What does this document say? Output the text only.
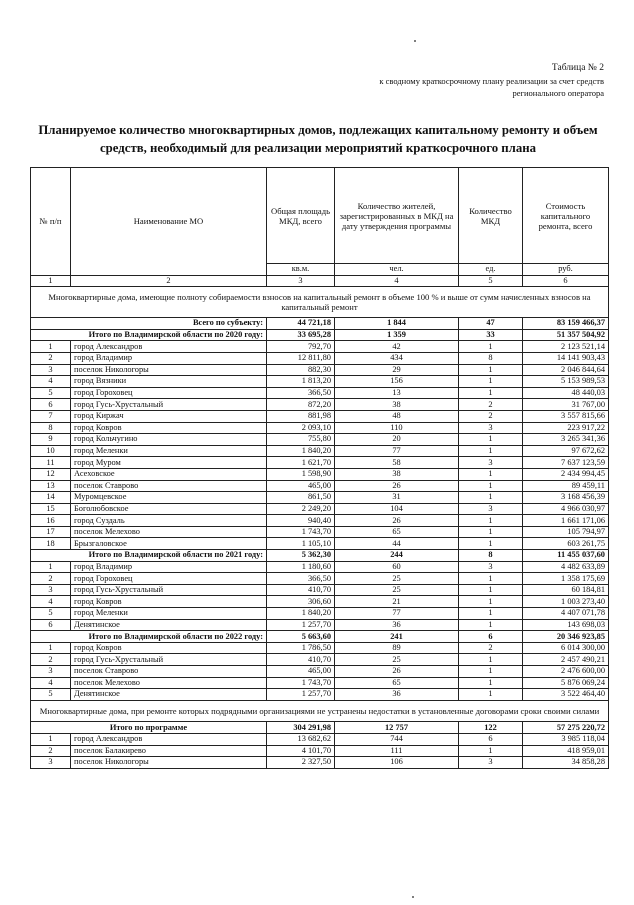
Таблица № 2
к сводному краткосрочному плану реализации за счет средств
регионального оператора
Планируемое количество многоквартирных домов, подлежащих капитальному ремонту и объем средств, необходимый для реализации мероприятий краткосрочного плана
№ п/п	Наименование МО	Общая площадь МКД, всего	Количество жителей, зарегистрированных в МКД на дату утверждения программы	Количество МКД	Стоимость капитального ремонта, всего
		кв.м.	чел.	ед.	руб.
1	2	3	4	5	6
Многоквартирные дома, имеющие полноту собираемости взносов на капитальный ремонт в объеме 100 % и выше от сумм начисленных взносов на капитальный ремонт					
Всего по субъекту:		44 721,18	1 844	47	83 159 466,37
Итого по Владимирской области по 2020 году:		33 695,28	1 359	33	51 357 504,92
1	город Александров	792,70	42	1	2 123 521,14
2	город Владимир	12 811,80	434	8	14 141 903,43
3	поселок Никологоры	882,30	29	1	2 046 844,64
4	город Вязники	1 813,20	156	1	5 153 989,53
5	город Гороховец	366,50	13	1	48 440,03
6	город Гусь-Хрустальный	872,20	38	2	31 767,00
7	город Киржач	881,98	48	2	3 557 815,66
8	город Ковров	2 093,10	110	3	223 917,22
9	город Кольчугино	755,80	20	1	3 265 341,36
10	город Меленки	1 840,20	77	1	97 672,62
11	город Муром	1 621,70	58	3	7 637 123,59
12	Асеховское	1 598,90	38	1	2 434 994,45
13	поселок Ставрово	465,00	26	1	89 459,11
14	Муромцевское	861,50	31	1	3 168 456,39
15	Боголюбовское	2 249,20	104	3	4 966 030,97
16	город Суздаль	940,40	26	1	1 661 171,06
17	поселок Мелехово	1 743,70	65	1	105 794,97
18	Брызгаловское	1 105,10	44	1	603 261,75
Итого по Владимирской области по 2021 году:		5 362,30	244	8	11 455 037,60
1	город Владимир	1 180,60	60	3	4 482 633,89
2	город Гороховец	366,50	25	1	1 358 175,69
3	город Гусь-Хрустальный	410,70	25	1	60 184,81
4	город Ковров	306,60	21	1	1 003 273,40
5	город Меленки	1 840,20	77	1	4 407 071,78
6	Денятинское	1 257,70	36	1	143 698,03
Итого по Владимирской области по 2022 году:		5 663,60	241	6	20 346 923,85
1	город Ковров	1 786,50	89	2	6 014 300,00
2	город Гусь-Хрустальный	410,70	25	1	2 457 490,21
3	поселок Ставрово	465,00	26	1	2 476 600,00
4	поселок Мелехово	1 743,70	65	1	5 876 069,24
5	Денятинское	1 257,70	36	1	3 522 464,40
Многоквартирные дома, при ремонте которых подрядными организациями не устранены недостатки в установленные договорами сроки своими силами					
Итого по программе		304 291,98	12 757	122	57 275 220,72
1	город Александров	13 682,62	744	6	3 985 118,04
2	поселок Балакирево	4 101,70	111	1	418 959,01
3	поселок Никологоры	2 327,50	106	3	34 858,28
